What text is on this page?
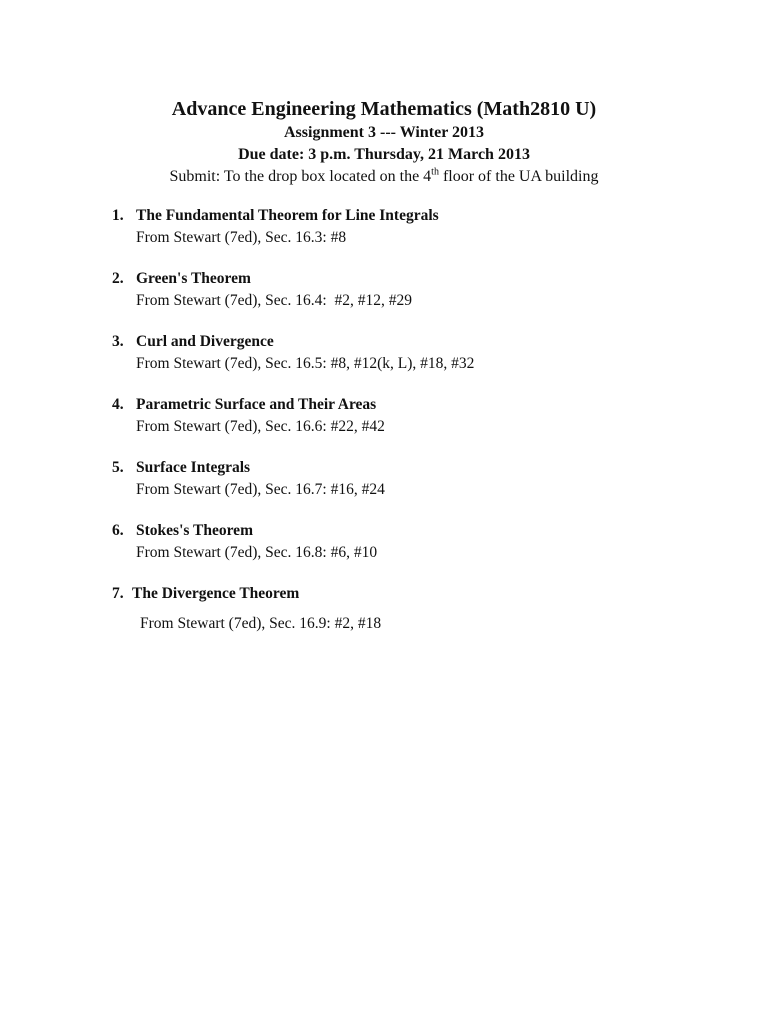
Advance Engineering Mathematics (Math2810 U)

Assignment 3 --- Winter 2013

Due date: 3 p.m. Thursday, 21 March 2013

Submit: To the drop box located on the 4th floor of the UA building

1. The Fundamental Theorem for Line Integrals
From Stewart (7ed), Sec. 16.3: #8
2. Green's Theorem
From Stewart (7ed), Sec. 16.4:  #2, #12, #29
3. Curl and Divergence
From Stewart (7ed), Sec. 16.5: #8, #12(k, L), #18, #32
4. Parametric Surface and Their Areas
From Stewart (7ed), Sec. 16.6: #22, #42
5. Surface Integrals
From Stewart (7ed), Sec. 16.7: #16, #24
6. Stokes's Theorem
From Stewart (7ed), Sec. 16.8: #6, #10
7. The Divergence Theorem
From Stewart (7ed), Sec. 16.9: #2, #18
